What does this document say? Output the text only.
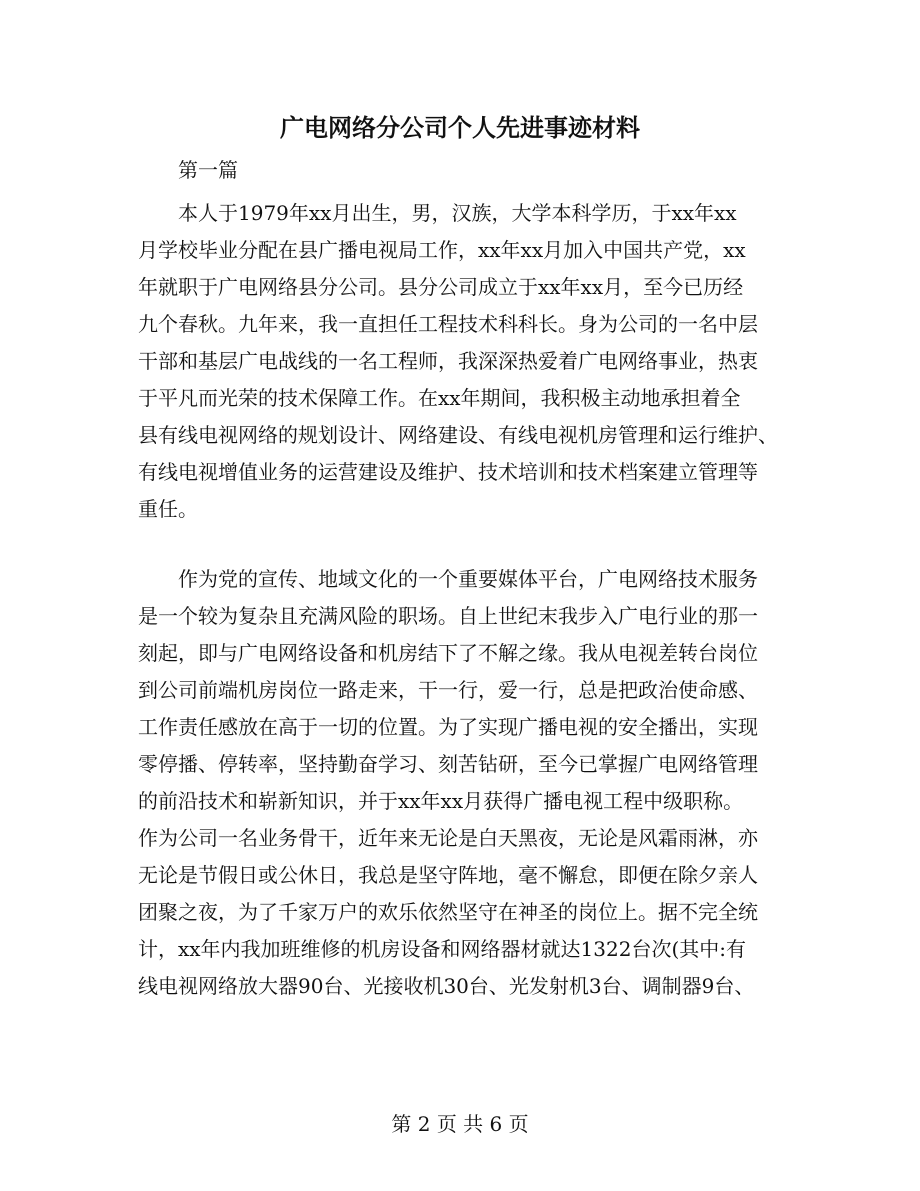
广电网络分公司个人先进事迹材料

第一篇

本人于1979年xx月出生，男，汉族，大学本科学历，于xx年xx

月学校毕业分配在县广播电视局工作，xx年xx月加入中国共产党，xx

年就职于广电网络县分公司。县分公司成立于xx年xx月，至今已历经

九个春秋。九年来，我一直担任工程技术科科长。身为公司的一名中层

干部和基层广电战线的一名工程师，我深深热爱着广电网络事业，热衷

于平凡而光荣的技术保障工作。在xx年期间，我积极主动地承担着全

县有线电视网络的规划设计、网络建设、有线电视机房管理和运行维护、

有线电视增值业务的运营建设及维护、技术培训和技术档案建立管理等

重任。

作为党的宣传、地域文化的一个重要媒体平台，广电网络技术服务

是一个较为复杂且充满风险的职场。自上世纪末我步入广电行业的那一

刻起，即与广电网络设备和机房结下了不解之缘。我从电视差转台岗位

到公司前端机房岗位一路走来，干一行，爱一行，总是把政治使命感、

工作责任感放在高于一切的位置。为了实现广播电视的安全播出，实现

零停播、停转率，坚持勤奋学习、刻苦钻研，至今已掌握广电网络管理

的前沿技术和崭新知识，并于xx年xx月获得广播电视工程中级职称。

作为公司一名业务骨干，近年来无论是白天黑夜，无论是风霜雨淋，亦

无论是节假日或公休日，我总是坚守阵地，毫不懈怠，即便在除夕亲人

团聚之夜，为了千家万户的欢乐依然坚守在神圣的岗位上。据不完全统

计，xx年内我加班维修的机房设备和网络器材就达1322台次(其中:有

线电视网络放大器90台、光接收机30台、光发射机3台、调制器9台、

第 2 页 共 6 页
